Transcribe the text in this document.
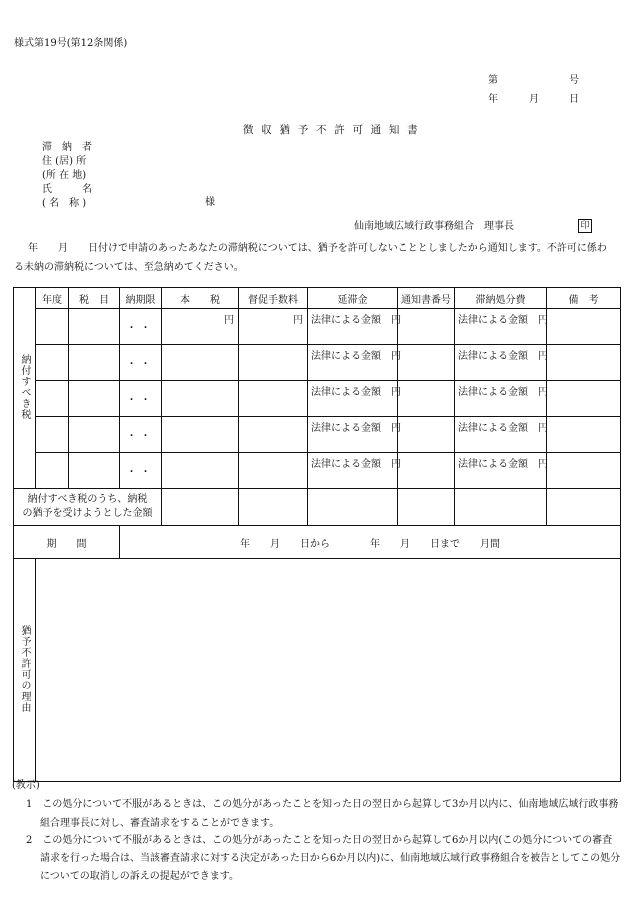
様式第19号(第12条関係)
第	号
年	月	日
徴 収 猶 予 不 許 可 通 知 書
滞　納　者
住 (居) 所
(所 在 地)
氏　　　名
( 名　称 )	様
仙南地域広域行政事務組合　理事長	印
年　　月　　日付けで申請のあったあなたの滞納税については、猶予を許可しないこととしましたから通知します。不許可に係わ
る未納の滞納税については、至急納めてください。
納付すべき税	年度	税　目	納期限	本　　税	督促手数料	延滞金	通知書番号	滞納処分費	備　考
			・・	円	円	法律による金額　円		法律による金額　円	
			・・			法律による金額　円		法律による金額　円	
			・・			法律による金額　円		法律による金額　円	
			・・			法律による金額　円		法律による金額　円	
			・・			法律による金額　円		法律による金額　円	
納付すべき税のうち、納税
の猶予を受けようとした金額									
期　　間			年　　月　　日から　　　　年　　月　　日まで　　月間						
猶予不許可の理由									
(教示)
1　この処分について不服があるときは、この処分があったことを知った日の翌日から起算して3か月以内に、仙南地域広域行政事務
組合理事長に対し、審査請求をすることができます。
2　この処分について不服があるときは、この処分があったことを知った日の翌日から起算して6か月以内(この処分についての審査
請求を行った場合は、当該審査請求に対する決定があった日から6か月以内)に、仙南地域広域行政事務組合を被告としてこの処分
についての取消しの訴えの提起ができます。
